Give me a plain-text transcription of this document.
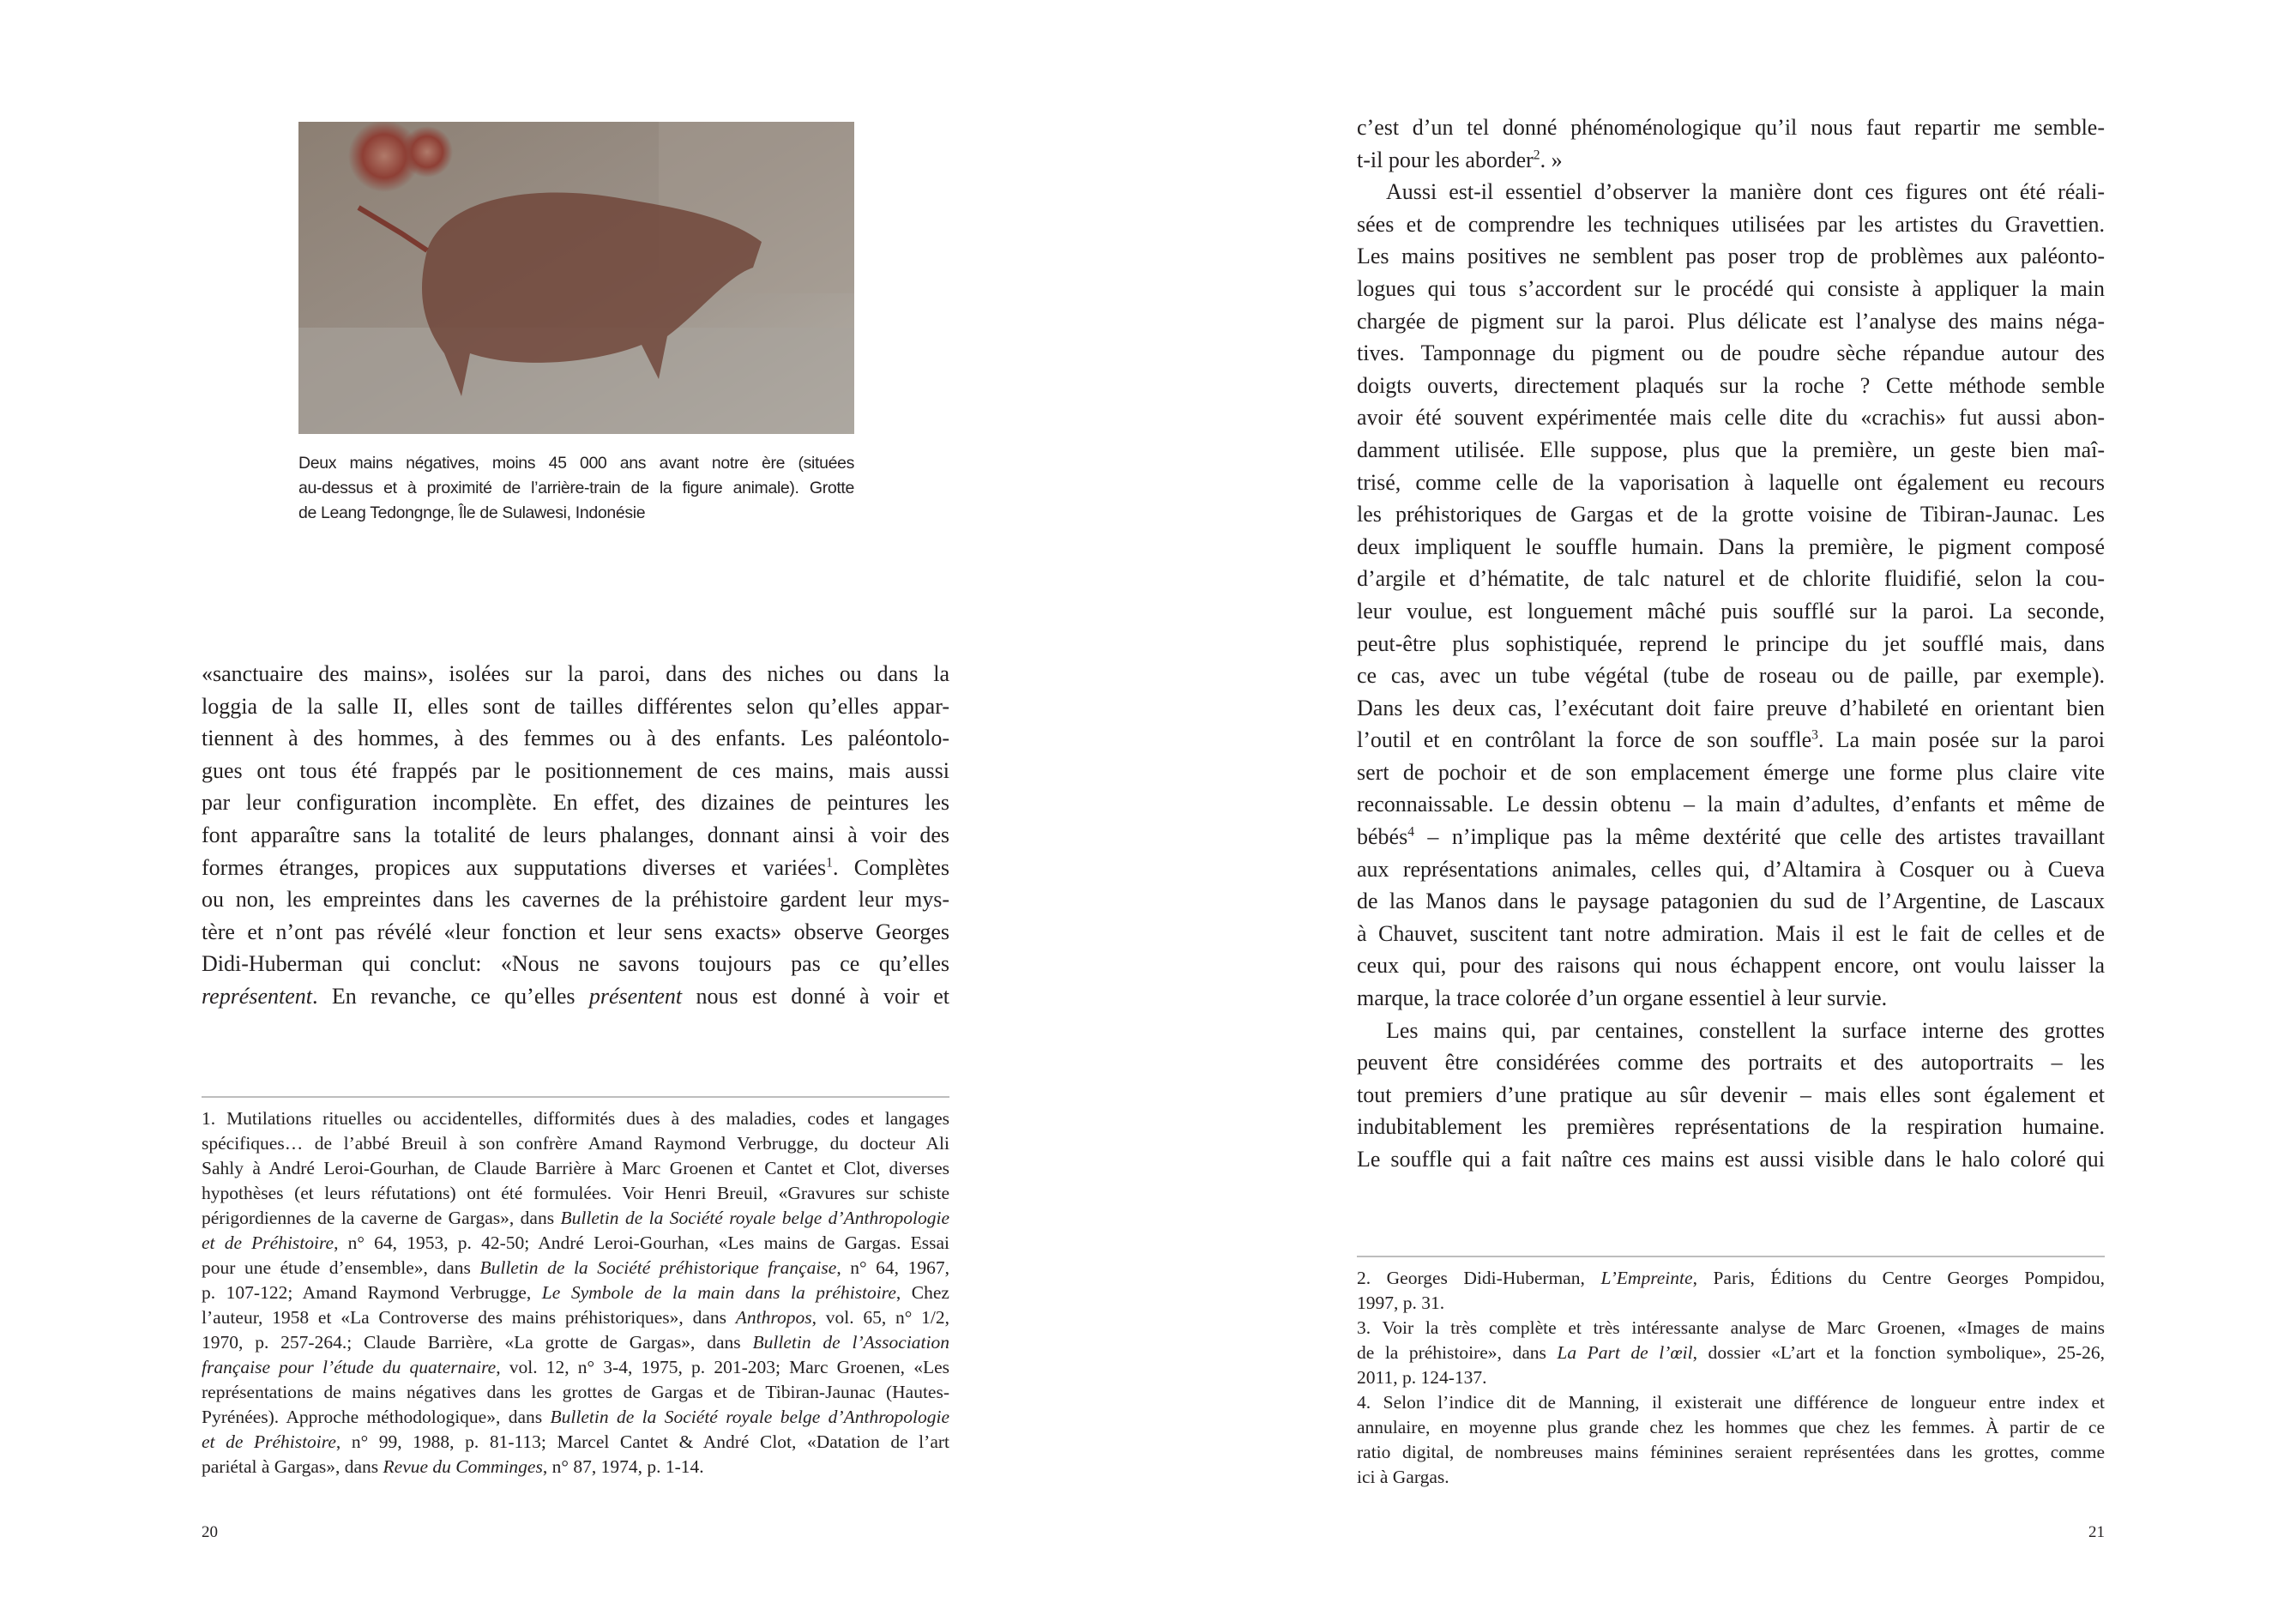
Deux mains négatives, moins 45 000 ans avant notre ère (situées
au-dessus et à proximité de l’arrière-train de la figure animale). Grotte
de Leang Tedongnge, Île de Sulawesi, Indonésie
«sanctuaire des mains», isolées sur la paroi, dans des niches ou dans la
loggia de la salle II, elles sont de tailles différentes selon qu’elles appar-
tiennent à des hommes, à des femmes ou à des enfants. Les paléontolo-
gues ont tous été frappés par le positionnement de ces mains, mais aussi
par leur configuration incomplète. En effet, des dizaines de peintures les
font apparaître sans la totalité de leurs phalanges, donnant ainsi à voir des
formes étranges, propices aux supputations diverses et variées$^1$. Complètes
ou non, les empreintes dans les cavernes de la préhistoire gardent leur mys-
tère et n’ont pas révélé «leur fonction et leur sens exacts» observe Georges
Didi-Huberman qui conclut: «Nous ne savons toujours pas ce qu’elles
représentent. En revanche, ce qu’elles présentent nous est donné à voir et
1. Mutilations rituelles ou accidentelles, difformités dues à des maladies, codes et langages
spécifiques… de l’abbé Breuil à son confrère Amand Raymond Verbrugge, du docteur Ali
Sahly à André Leroi-Gourhan, de Claude Barrière à Marc Groenen et Cantet et Clot, diverses
hypothèses (et leurs réfutations) ont été formulées. Voir Henri Breuil, «Gravures sur schiste
périgordiennes de la caverne de Gargas», dans Bulletin de la Société royale belge d’Anthropologie
et de Préhistoire, n° 64, 1953, p. 42-50; André Leroi-Gourhan, «Les mains de Gargas. Essai
pour une étude d’ensemble», dans Bulletin de la Société préhistorique française, n° 64, 1967,
p. 107-122; Amand Raymond Verbrugge, Le Symbole de la main dans la préhistoire, Chez
l’auteur, 1958 et «La Controverse des mains préhistoriques», dans Anthropos, vol. 65, n° 1/2,
1970, p. 257-264.; Claude Barrière, «La grotte de Gargas», dans Bulletin de l’Association
française pour l’étude du quaternaire, vol. 12, n° 3-4, 1975, p. 201-203; Marc Groenen, «Les
représentations de mains négatives dans les grottes de Gargas et de Tibiran-Jaunac (Hautes-
Pyrénées). Approche méthodologique», dans Bulletin de la Société royale belge d’Anthropologie
et de Préhistoire, n° 99, 1988, p. 81-113; Marcel Cantet & André Clot, «Datation de l’art
pariétal à Gargas», dans Revue du Comminges, n° 87, 1974, p. 1-14.
20
c’est d’un tel donné phénoménologique qu’il nous faut repartir me semble-
t-il pour les aborder$^2$. »
Aussi est-il essentiel d’observer la manière dont ces figures ont été réali-
sées et de comprendre les techniques utilisées par les artistes du Gravettien.
Les mains positives ne semblent pas poser trop de problèmes aux paléonto-
logues qui tous s’accordent sur le procédé qui consiste à appliquer la main
chargée de pigment sur la paroi. Plus délicate est l’analyse des mains néga-
tives. Tamponnage du pigment ou de poudre sèche répandue autour des
doigts ouverts, directement plaqués sur la roche ? Cette méthode semble
avoir été souvent expérimentée mais celle dite du «crachis» fut aussi abon-
damment utilisée. Elle suppose, plus que la première, un geste bien maî-
trisé, comme celle de la vaporisation à laquelle ont également eu recours
les préhistoriques de Gargas et de la grotte voisine de Tibiran-Jaunac. Les
deux impliquent le souffle humain. Dans la première, le pigment composé
d’argile et d’hématite, de talc naturel et de chlorite fluidifié, selon la cou-
leur voulue, est longuement mâché puis soufflé sur la paroi. La seconde,
peut-être plus sophistiquée, reprend le principe du jet soufflé mais, dans
ce cas, avec un tube végétal (tube de roseau ou de paille, par exemple).
Dans les deux cas, l’exécutant doit faire preuve d’habileté en orientant bien
l’outil et en contrôlant la force de son souffle$^3$. La main posée sur la paroi
sert de pochoir et de son emplacement émerge une forme plus claire vite
reconnaissable. Le dessin obtenu – la main d’adultes, d’enfants et même de
bébés$^4$ – n’implique pas la même dextérité que celle des artistes travaillant
aux représentations animales, celles qui, d’Altamira à Cosquer ou à Cueva
de las Manos dans le paysage patagonien du sud de l’Argentine, de Lascaux
à Chauvet, suscitent tant notre admiration. Mais il est le fait de celles et de
ceux qui, pour des raisons qui nous échappent encore, ont voulu laisser la
marque, la trace colorée d’un organe essentiel à leur survie.
Les mains qui, par centaines, constellent la surface interne des grottes
peuvent être considérées comme des portraits et des autoportraits – les
tout premiers d’une pratique au sûr devenir – mais elles sont également et
indubitablement les premières représentations de la respiration humaine.
Le souffle qui a fait naître ces mains est aussi visible dans le halo coloré qui
2. Georges Didi-Huberman, L’Empreinte, Paris, Éditions du Centre Georges Pompidou,
1997, p. 31.
3. Voir la très complète et très intéressante analyse de Marc Groenen, «Images de mains
de la préhistoire», dans La Part de l’œil, dossier «L’art et la fonction symbolique», 25-26,
2011, p. 124-137.
4. Selon l’indice dit de Manning, il existerait une différence de longueur entre index et
annulaire, en moyenne plus grande chez les hommes que chez les femmes. À partir de ce
ratio digital, de nombreuses mains féminines seraient représentées dans les grottes, comme
ici à Gargas.
21
